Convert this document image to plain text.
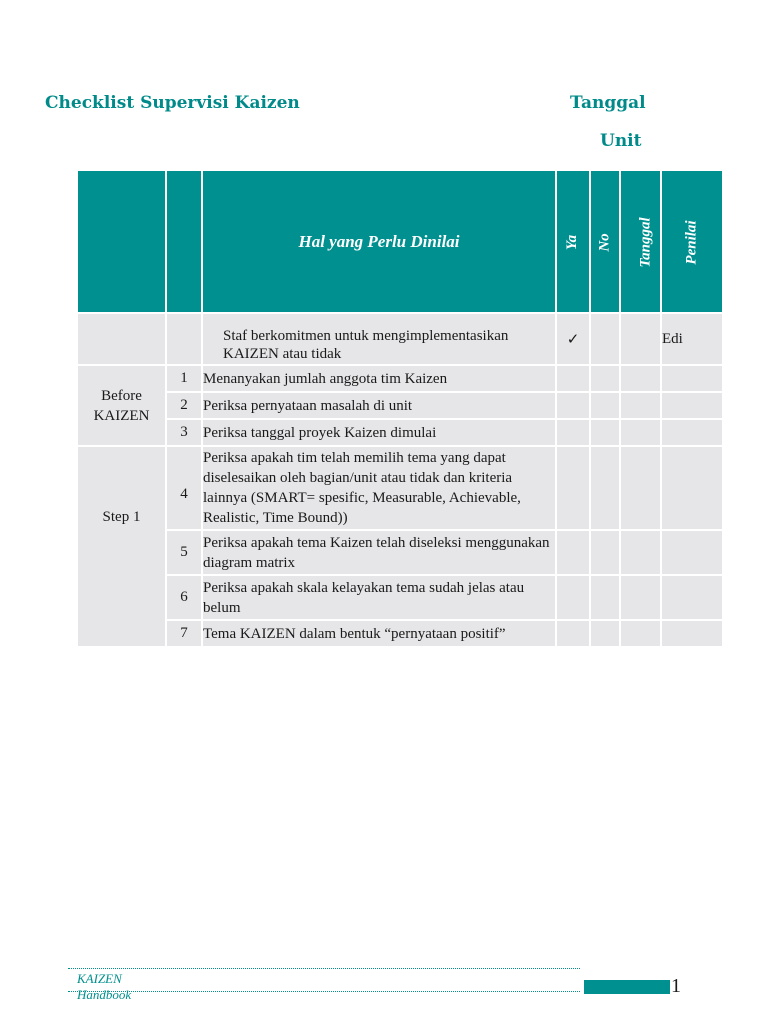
Checklist Supervisi Kaizen	Tanggal
Unit
		Hal yang Perlu Dinilai	Ya	No	Tanggal	Penilai
		Staf berkomitmen untuk mengimplementasikan KAIZEN atau tidak	✓			Edi
Before KAIZEN	1	Menanyakan jumlah anggota tim Kaizen				
	2	Periksa pernyataan masalah di unit				
	3	Periksa tanggal proyek Kaizen dimulai				
Step 1	4	Periksa apakah tim telah memilih tema yang dapat diselesaikan oleh bagian/unit atau tidak dan kriteria lainnya (SMART= spesific, Measurable, Achievable, Realistic, Time Bound))				
	5	Periksa apakah tema Kaizen telah diseleksi menggunakan diagram matrix				
	6	Periksa apakah skala kelayakan tema sudah jelas atau belum				
	7	Tema KAIZEN dalam bentuk “pernyataan positif”				
KAIZEN Handbook	1
